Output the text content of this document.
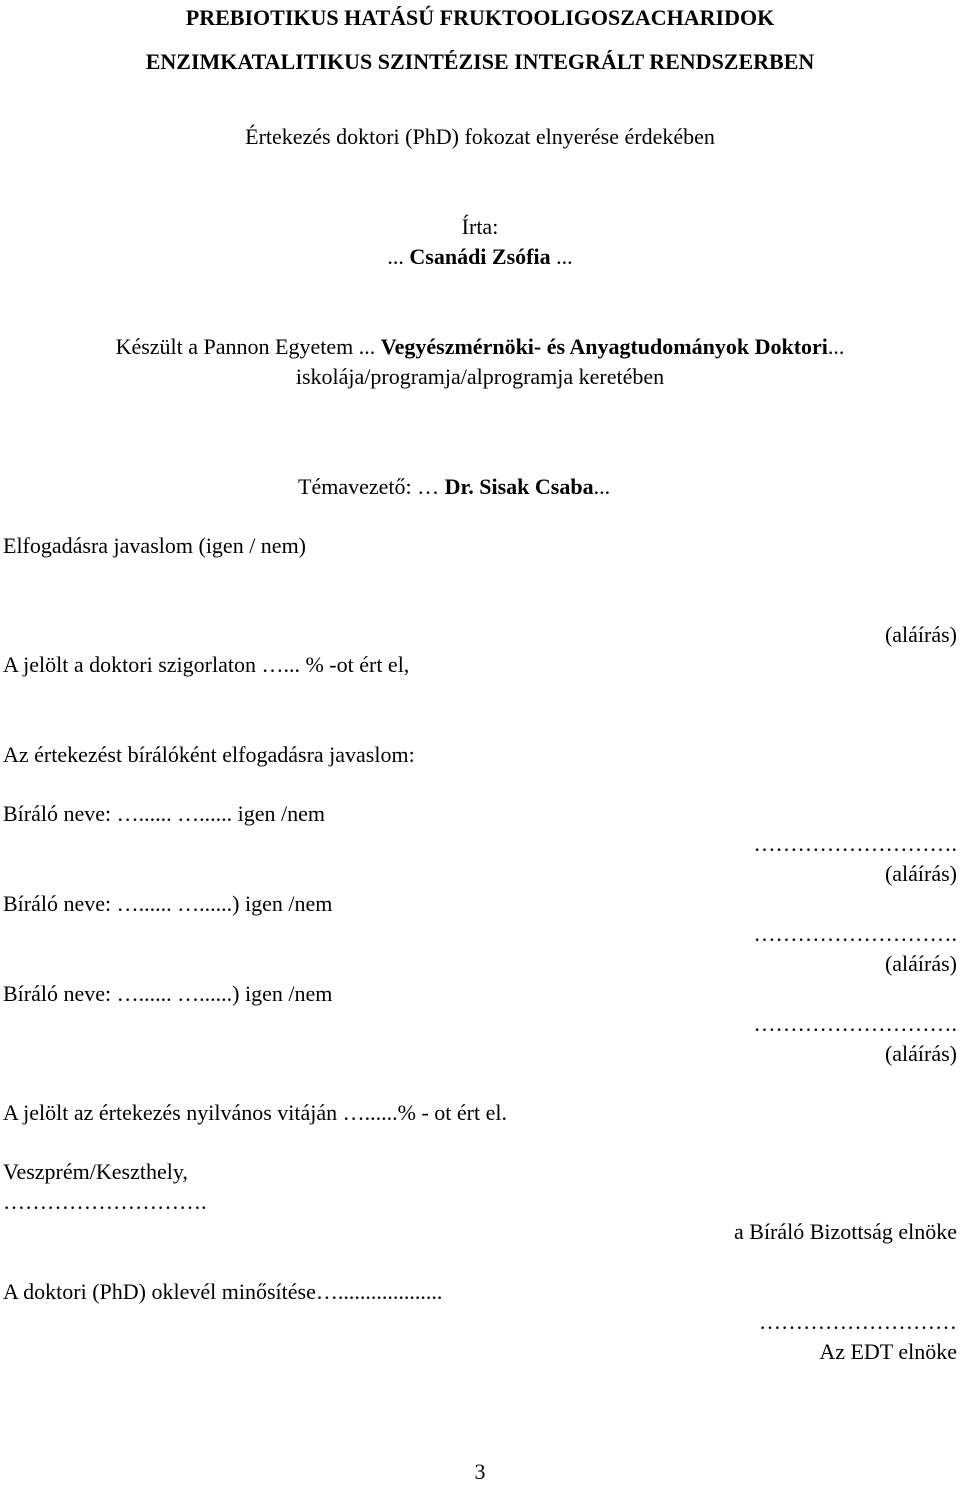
PREBIOTIKUS HATÁSÚ FRUKTOOLIGOSZACHARIDOK
ENZIMKATALITIKUS SZINTÉZISE INTEGRÁLT RENDSZERBEN
Értekezés doktori (PhD) fokozat elnyerése érdekében
Írta:
... Csanádi Zsófia ...
Készült a Pannon Egyetem ... Vegyészmérnöki- és Anyagtudományok Doktori...
iskolája/programja/alprogramja keretében
Témavezető: … Dr. Sisak Csaba...
Elfogadásra javaslom (igen / nem)
(aláírás)
A jelölt a doktori szigorlaton …... % -ot ért el,
Az értekezést bírálóként elfogadásra javaslom:
Bíráló neve: …...... …...... igen /nem
……………………….
(aláírás)
Bíráló neve: …...... …......) igen /nem
……………………….
(aláírás)
Bíráló neve: …...... …......) igen /nem
……………………….
(aláírás)
A jelölt az értekezés nyilvános vitáján …......% - ot ért el.
Veszprém/Keszthely,
……………………….
a Bíráló Bizottság elnöke
A doktori (PhD) oklevél minősítése…...................
………………………
Az EDT elnöke
3
